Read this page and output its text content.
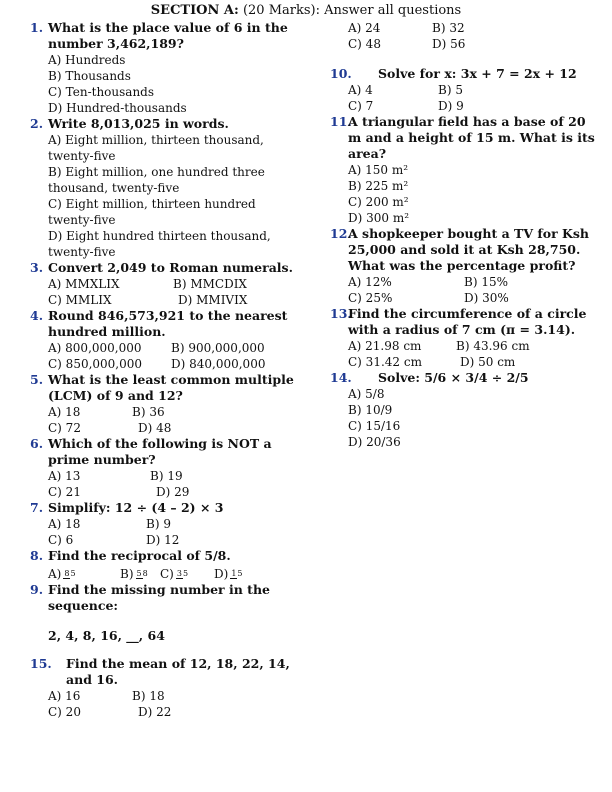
SECTION A: (20 Marks): Answer all questions
1. What is the place value of 6 in the number 3,462,189?
A) Hundreds
B) Thousands
C) Ten-thousands
D) Hundred-thousands
2. Write 8,013,025 in words.
A) Eight million, thirteen thousand, twenty-five
B) Eight million, one hundred three thousand, twenty-five
C) Eight million, thirteen hundred twenty-five
D) Eight hundred thirteen thousand, twenty-five
3. Convert 2,049 to Roman numerals.
A) MMXLIX	B) MMCDIX
C) MMLIX	D) MMIVIX
4. Round 846,573,921 to the nearest hundred million.
A) 800,000,000	B) 900,000,000
C) 850,000,000	D) 840,000,000
5. What is the least common multiple (LCM) of 9 and 12?
A) 18	B) 36
C) 72	D) 48
6. Which of the following is NOT a prime number?
A) 13	B) 19
C) 21	D) 29
7. Simplify: 12 ÷ (4 – 2) × 3
A) 18	B) 9
C) 6	D) 12
8. Find the reciprocal of 5/8.
A) 85	B) 58	C) 35	D) 15
9. Find the missing number in the sequence:
2, 4, 8, 16, __, 64
15.	Find the mean of 12, 18, 22, 14, and 16.
A) 16	B) 18
C) 20	D) 22
A) 24	B) 32
C) 48	D) 56
10.	Solve for x: 3x + 7 = 2x + 12
A) 4	B) 5
C) 7	D) 9
11.
A triangular field has a base of 20 m and a height of 15 m. What is its area?
A) 150 m²
B) 225 m²
C) 200 m²
D) 300 m²
12.
A shopkeeper bought a TV for Ksh 25,000 and sold it at Ksh 28,750. What was the percentage profit?
A) 12%	B) 15%
C) 25%	D) 30%
13.
Find the circumference of a circle with a radius of 7 cm (π = 3.14).
A) 21.98 cm	B) 43.96 cm
C) 31.42 cm	D) 50 cm
14.	Solve: 5/6 × 3/4 ÷ 2/5
A) 5/8
B) 10/9
C) 15/16
D) 20/36
